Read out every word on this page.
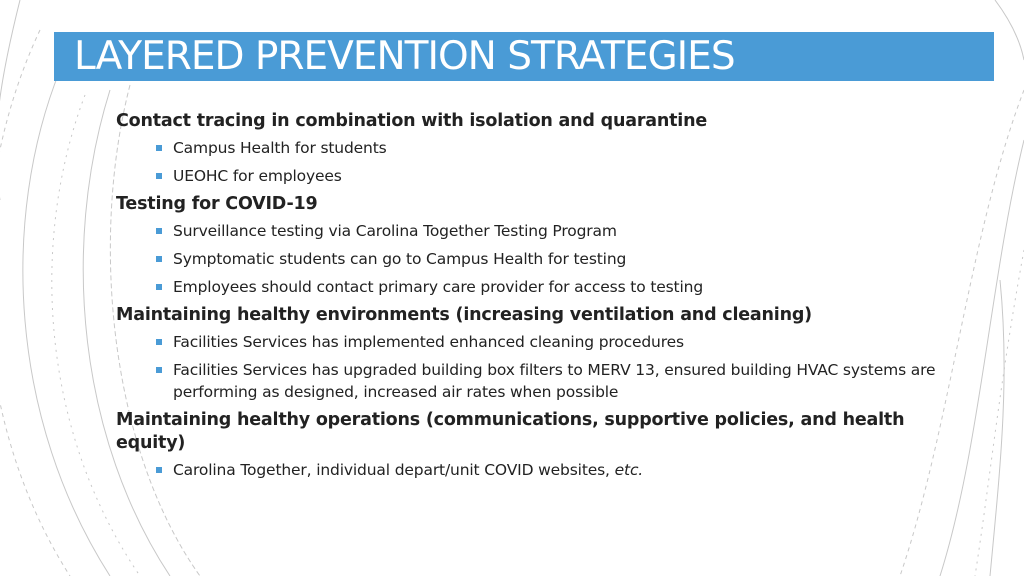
LAYERED PREVENTION STRATEGIES
Contact tracing in combination with isolation and quarantine
Campus Health for students
UEOHC for employees
Testing for COVID-19
Surveillance testing via Carolina Together Testing Program
Symptomatic students can go to Campus Health for testing
Employees should contact primary care provider for access to testing
Maintaining healthy environments (increasing ventilation and cleaning)
Facilities Services has implemented enhanced cleaning procedures
Facilities Services has upgraded building box filters to MERV 13, ensured building HVAC systems are performing as designed, increased air rates when possible
Maintaining healthy operations (communications, supportive policies, and health equity)
Carolina Together, individual depart/unit COVID websites, etc.
